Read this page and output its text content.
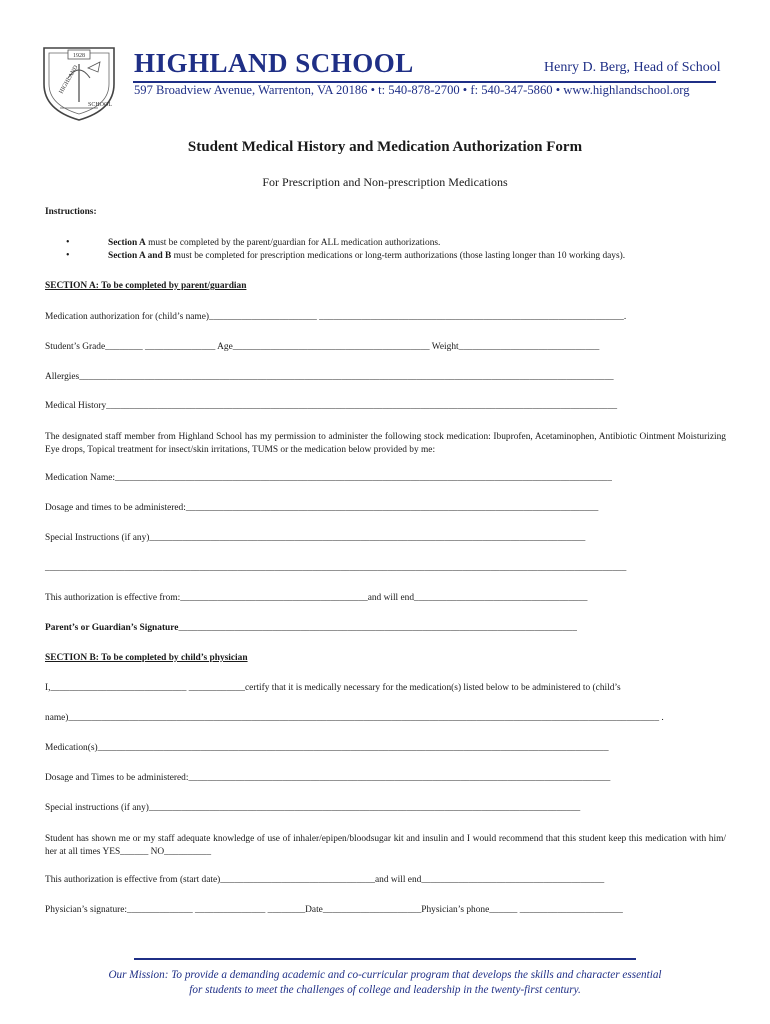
1928
HIGHLAND
SCHOOL
HIGHLAND SCHOOL	Henry D. Berg, Head of School
597 Broadview Avenue, Warrenton, VA 20186 • t: 540-878-2700 • f: 540-347-5860 • www.highlandschool.org
Student Medical History and Medication Authorization Form
For Prescription and Non-prescription Medications
Instructions:
•	Section A must be completed by the parent/guardian for ALL medication authorizations.
•	Section A and B must be completed for prescription medications or long-term authorizations (those lasting longer than 10 working days).
SECTION A: To be completed by parent/guardian
Medication authorization for (child’s name)_______________________ _________________________________________________________________.
Student’s Grade________ _______________ Age__________________________________________ Weight______________________________
Allergies__________________________________________________________________________________________________________________
Medical History_____________________________________________________________________________________________________________
The designated staff member from Highland School has my permission to administer the following stock medication: Ibuprofen, Acetaminophen, Antibiotic Ointment Moisturizing Eye drops, Topical treatment for insect/skin irritations, TUMS or the medication below provided by me:
Medication Name:__________________________________________________________________________________________________________
Dosage and times to be administered:________________________________________________________________________________________
Special Instructions (if any)_____________________________________________________________________________________________
____________________________________________________________________________________________________________________________
This authorization is effective from:________________________________________and will end_____________________________________
Parent’s or Guardian’s Signature_____________________________________________________________________________________
SECTION B: To be completed by child’s physician
I,_____________________________ ____________certify that it is medically necessary for the medication(s) listed below to be administered to (child’s
name)______________________________________________________________________________________________________________________________ .
Medication(s)_____________________________________________________________________________________________________________
Dosage and Times to be administered:__________________________________________________________________________________________
Special instructions (if any)____________________________________________________________________________________________
Student has shown me or my staff adequate knowledge of use of inhaler/epipen/bloodsugar kit and insulin and I would recommend that this student keep this medication with him/ her at all times YES______ NO__________
This authorization is effective from (start date)_________________________________and will end_______________________________________
Physician’s signature:______________ _______________ ________Date_____________________Physician’s phone______ ______________________
Our Mission: To provide a demanding academic and co-curricular program that develops the skills and character essential
for students to meet the challenges of college and leadership in the twenty-first century.
